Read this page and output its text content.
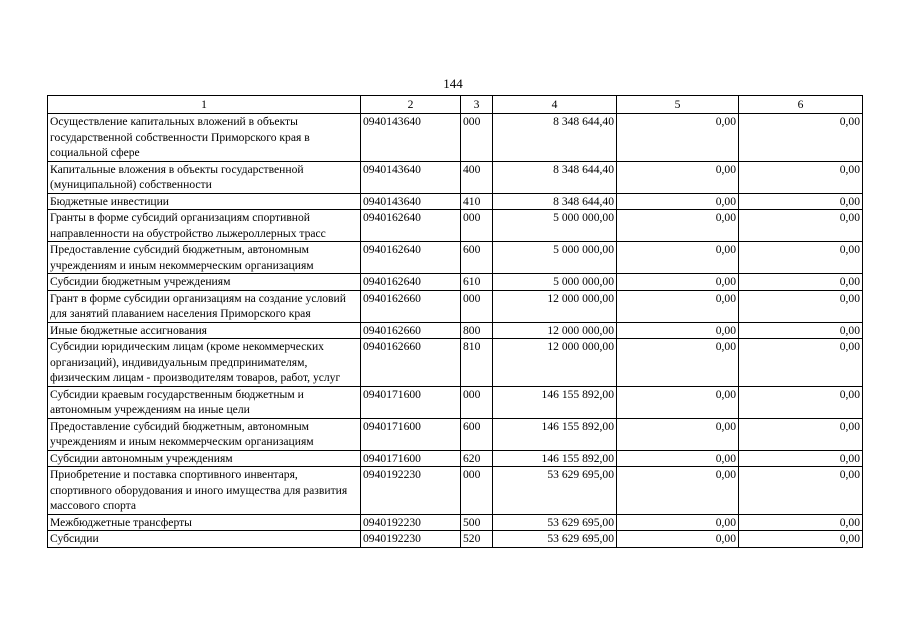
144
1	2	3	4	5	6
Осуществление капитальных вложений в объекты государственной собственности Приморского края в социальной сфере	0940143640	000	8 348 644,40	0,00	0,00
Капитальные вложения в объекты государственной (муниципальной) собственности	0940143640	400	8 348 644,40	0,00	0,00
Бюджетные инвестиции	0940143640	410	8 348 644,40	0,00	0,00
Гранты в форме субсидий организациям спортивной направленности на обустройство лыжероллерных трасс	0940162640	000	5 000 000,00	0,00	0,00
Предоставление субсидий бюджетным, автономным учреждениям и иным некоммерческим организациям	0940162640	600	5 000 000,00	0,00	0,00
Субсидии бюджетным учреждениям	0940162640	610	5 000 000,00	0,00	0,00
Грант в форме субсидии организациям на создание условий для занятий плаванием населения Приморского края	0940162660	000	12 000 000,00	0,00	0,00
Иные бюджетные ассигнования	0940162660	800	12 000 000,00	0,00	0,00
Субсидии юридическим лицам (кроме некоммерческих организаций), индивидуальным предпринимателям, физическим лицам - производителям товаров, работ, услуг	0940162660	810	12 000 000,00	0,00	0,00
Субсидии краевым государственным бюджетным и автономным учреждениям на иные цели	0940171600	000	146 155 892,00	0,00	0,00
Предоставление субсидий бюджетным, автономным учреждениям и иным некоммерческим организациям	0940171600	600	146 155 892,00	0,00	0,00
Субсидии автономным учреждениям	0940171600	620	146 155 892,00	0,00	0,00
Приобретение и поставка спортивного инвентаря, спортивного оборудования и иного имущества для развития массового спорта	0940192230	000	53 629 695,00	0,00	0,00
Межбюджетные трансферты	0940192230	500	53 629 695,00	0,00	0,00
Субсидии	0940192230	520	53 629 695,00	0,00	0,00
